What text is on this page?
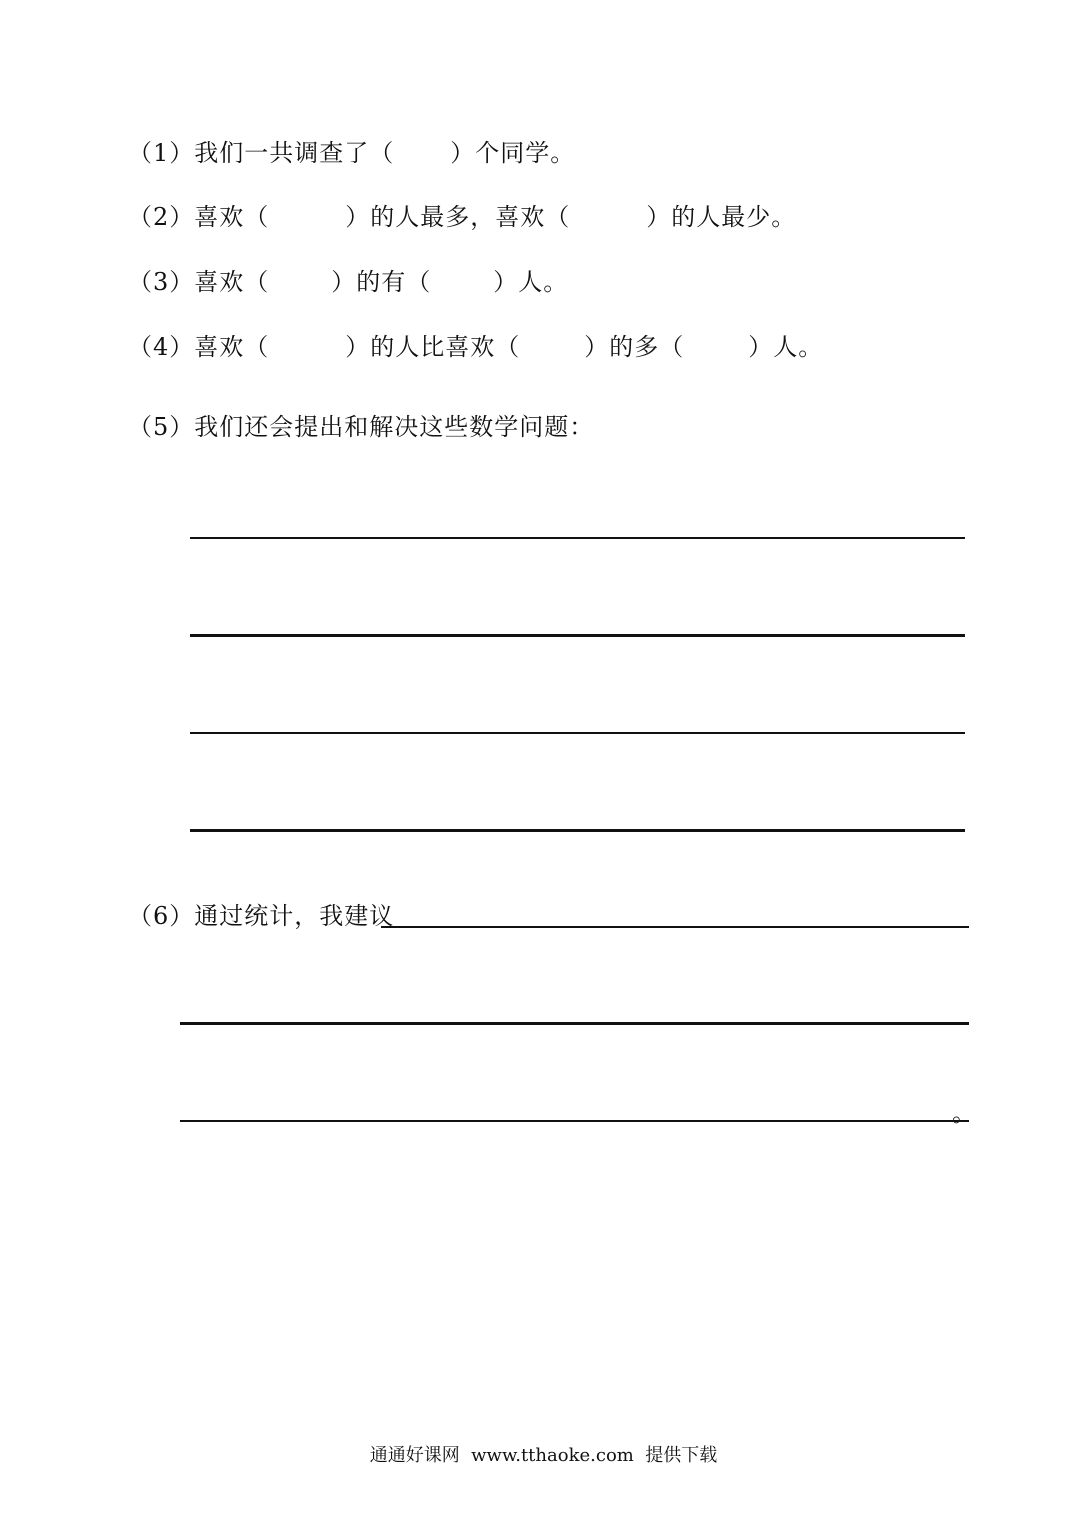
（1）我们一共调查了（ ）个同学。
（2）喜欢（	）的人最多，喜欢（	）的人最少。
（3）喜欢（	）的有（	）人。
（4）喜欢（	）的人比喜欢（	）的多（	）人。
（5）我们还会提出和解决这些数学问题：
（6）通过统计，我建议
。
通通好课网  www.tthaoke.com  提供下载
